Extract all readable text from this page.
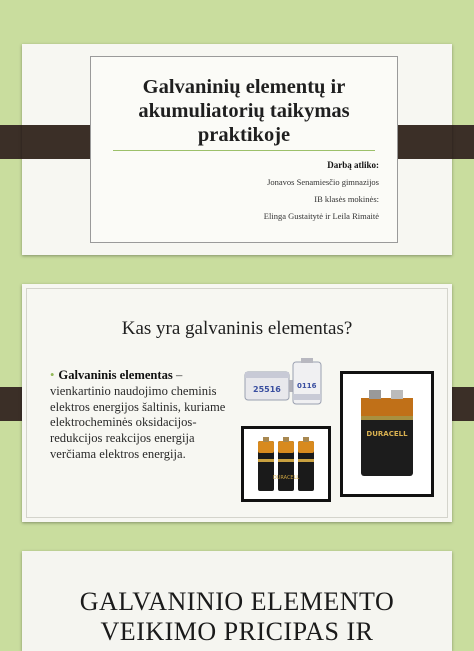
Galvaninių elementų ir
akumuliatorių taikymas
praktikoje
Darbą atliko:
Jonavos Senamiesčio gimnazijos
IB klasės mokinės:
Elinga Gustaitytė ir Leila Rimaitė
Kas yra galvaninis elementas?
• Galvaninis elementas – vienkartinio naudojimo cheminis elektros energijos šaltinis, kuriame elektrocheminės oksidacijos-redukcijos reakcijos energija verčiama elektros energija.
25516 0116
DURACELL
DURACELL
GALVANINIO ELEMENTO
VEIKIMO PRICIPAS IR
